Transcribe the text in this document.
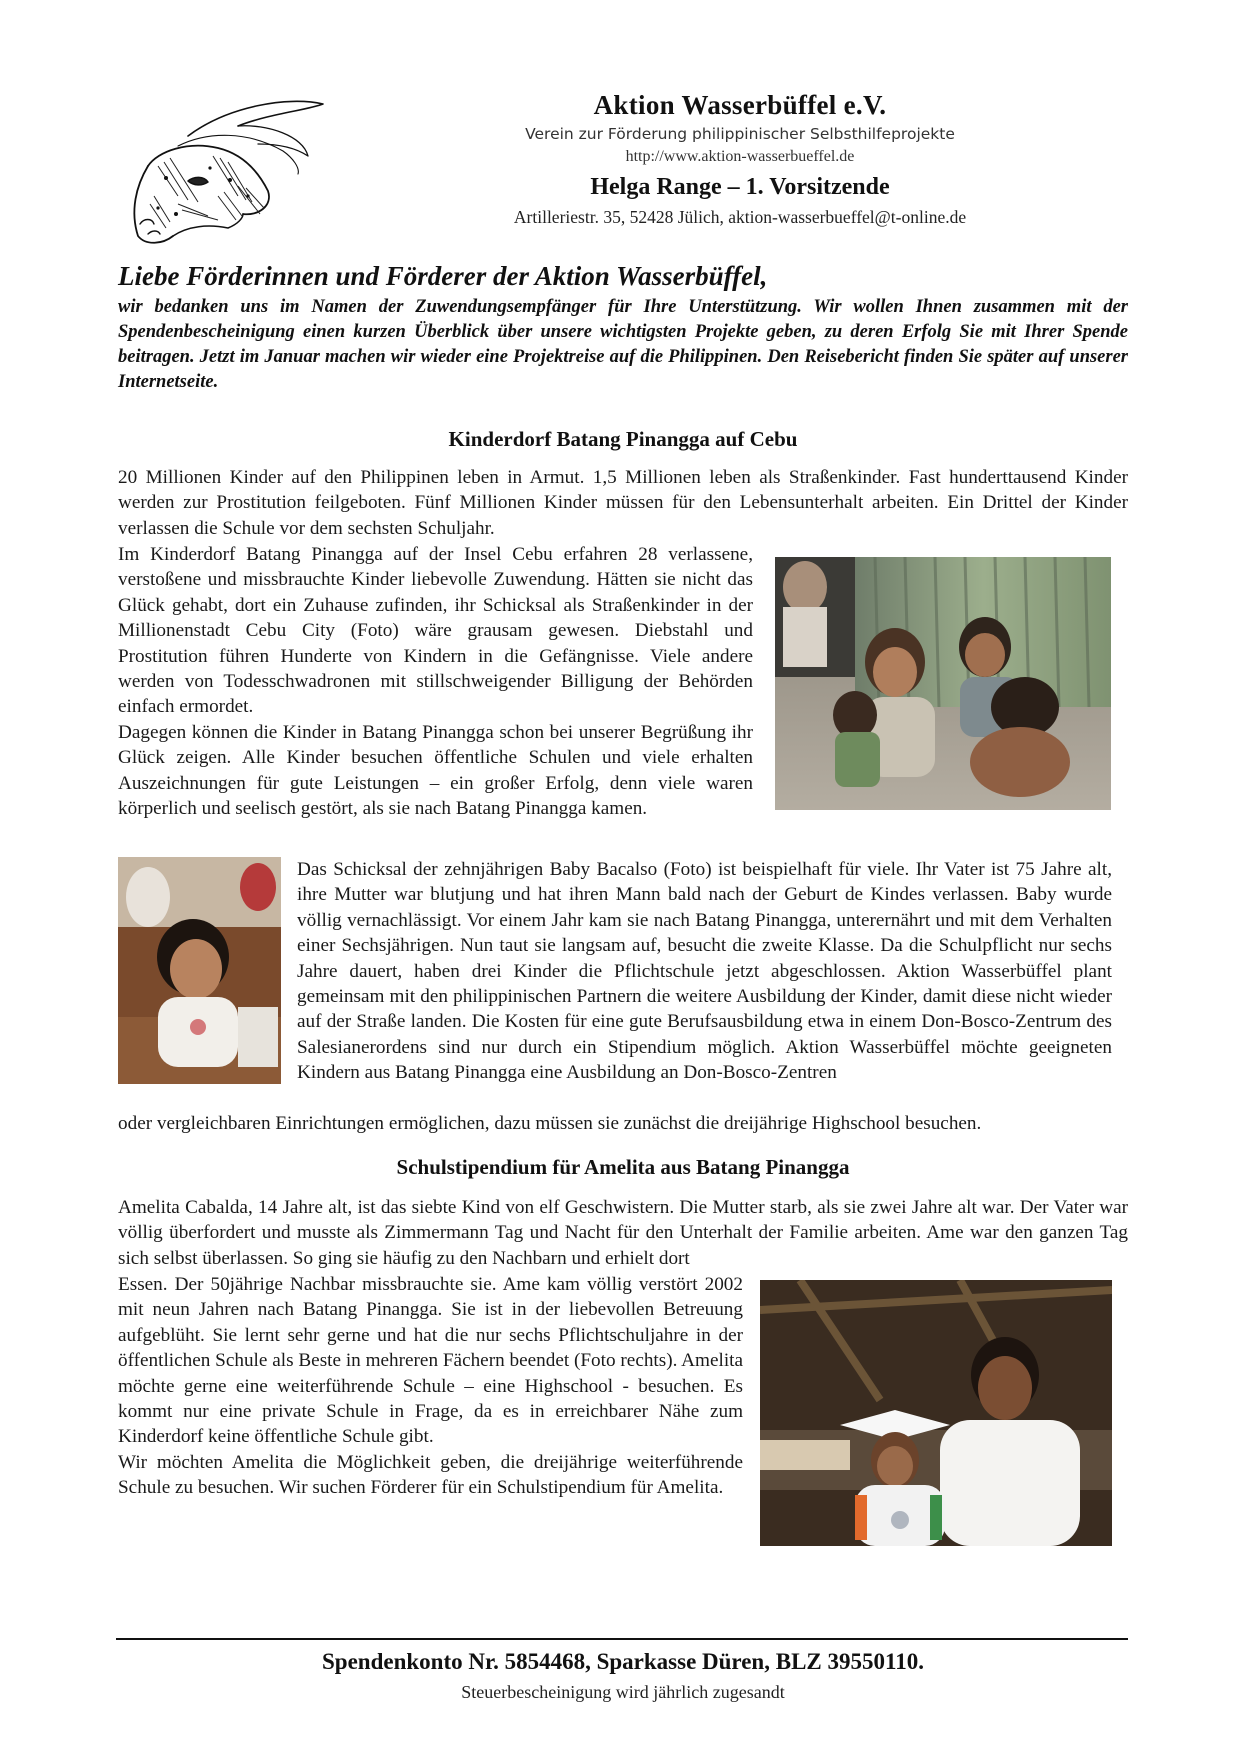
Aktion Wasserbüffel e.V.
Verein zur Förderung philippinischer Selbsthilfeprojekte
http://www.aktion-wasserbueffel.de
Helga Range – 1. Vorsitzende
Artilleriestr. 35, 52428 Jülich, aktion-wasserbueffel@t-online.de
Liebe Förderinnen und Förderer der Aktion Wasserbüffel,
wir bedanken uns im Namen der Zuwendungsempfänger für Ihre Unterstützung. Wir wollen Ihnen zusammen mit der Spendenbescheinigung einen kurzen Überblick über unsere wichtigsten Projekte geben, zu deren Erfolg Sie mit Ihrer Spende beitragen. Jetzt im Januar machen wir wieder eine Projektreise auf die Philippinen. Den Reisebericht finden Sie später auf unserer Internetseite.
Kinderdorf Batang Pinangga auf Cebu
20 Millionen Kinder auf den Philippinen leben in Armut. 1,5 Millionen leben als Straßenkinder. Fast hunderttausend Kinder werden zur Prostitution feilgeboten. Fünf Millionen Kinder müssen für den Lebensunterhalt arbeiten. Ein Drittel der Kinder verlassen die Schule vor dem sechsten Schuljahr.

Im Kinderdorf Batang Pinangga auf der Insel Cebu erfahren 28 verlassene, verstoßene und missbrauchte Kinder liebevolle Zuwendung. Hätten sie nicht das Glück gehabt, dort ein Zuhause zufinden, ihr Schicksal als Straßenkinder in der Millionenstadt Cebu City (Foto) wäre grausam gewesen. Diebstahl und Prostitution führen Hunderte von Kindern in die Gefängnisse. Viele andere werden von Todesschwadronen mit stillschweigender Billigung der Behörden einfach ermordet.

Dagegen können die Kinder in Batang Pinangga schon bei unserer Begrüßung ihr Glück zeigen. Alle Kinder besuchen öffentliche Schulen und viele erhalten Auszeichnungen für gute Leistungen – ein großer Erfolg, denn viele waren körperlich und seelisch gestört, als sie nach Batang Pinangga kamen.

Das Schicksal der zehnjährigen Baby Bacalso (Foto) ist beispielhaft für viele. Ihr Vater ist 75 Jahre alt, ihre Mutter war blutjung und hat ihren Mann bald nach der Geburt de Kindes verlassen. Baby wurde völlig vernachlässigt. Vor einem Jahr kam sie nach Batang Pinangga, unterernährt und mit dem Verhalten einer Sechsjährigen. Nun taut sie langsam auf, besucht die zweite Klasse. Da die Schulpflicht nur sechs Jahre dauert, haben drei Kinder die Pflichtschule jetzt abgeschlossen. Aktion Wasserbüffel plant gemeinsam mit den philippinischen Partnern die weitere Ausbildung der Kinder, damit diese nicht wieder auf der Straße landen. Die Kosten für eine gute Berufsausbildung etwa in einem Don-Bosco-Zentrum des Salesianerordens sind nur durch ein Stipendium möglich. Aktion Wasserbüffel möchte geeigneten Kindern aus Batang Pinangga eine Ausbildung an Don-Bosco-Zentren
oder vergleichbaren Einrichtungen ermöglichen, dazu müssen sie zunächst die dreijährige Highschool besuchen.
Schulstipendium für Amelita aus Batang Pinangga
Amelita Cabalda, 14 Jahre alt, ist das siebte Kind von elf Geschwistern. Die Mutter starb, als sie zwei Jahre alt war. Der Vater war völlig überfordert und musste als Zimmermann Tag und Nacht für den Unterhalt der Familie arbeiten. Ame war den ganzen Tag sich selbst überlassen. So ging sie häufig zu den Nachbarn und erhielt dort

Essen. Der 50jährige Nachbar missbrauchte sie. Ame kam völlig verstört 2002 mit neun Jahren nach Batang Pinangga. Sie ist in der liebevollen Betreuung aufgeblüht. Sie lernt sehr gerne und hat die nur sechs Pflichtschuljahre in der öffentlichen Schule als Beste in mehreren Fächern beendet (Foto rechts). Amelita möchte gerne eine weiterführende Schule – eine Highschool - besuchen. Es kommt nur eine private Schule in Frage, da es in erreichbarer Nähe zum Kinderdorf keine öffentliche Schule gibt.

Wir möchten Amelita die Möglichkeit geben, die dreijährige weiterführende Schule zu besuchen. Wir suchen Förderer für ein Schulstipendium für Amelita.

Spendenkonto Nr. 5854468, Sparkasse Düren, BLZ 39550110.
Steuerbescheinigung wird jährlich zugesandt
